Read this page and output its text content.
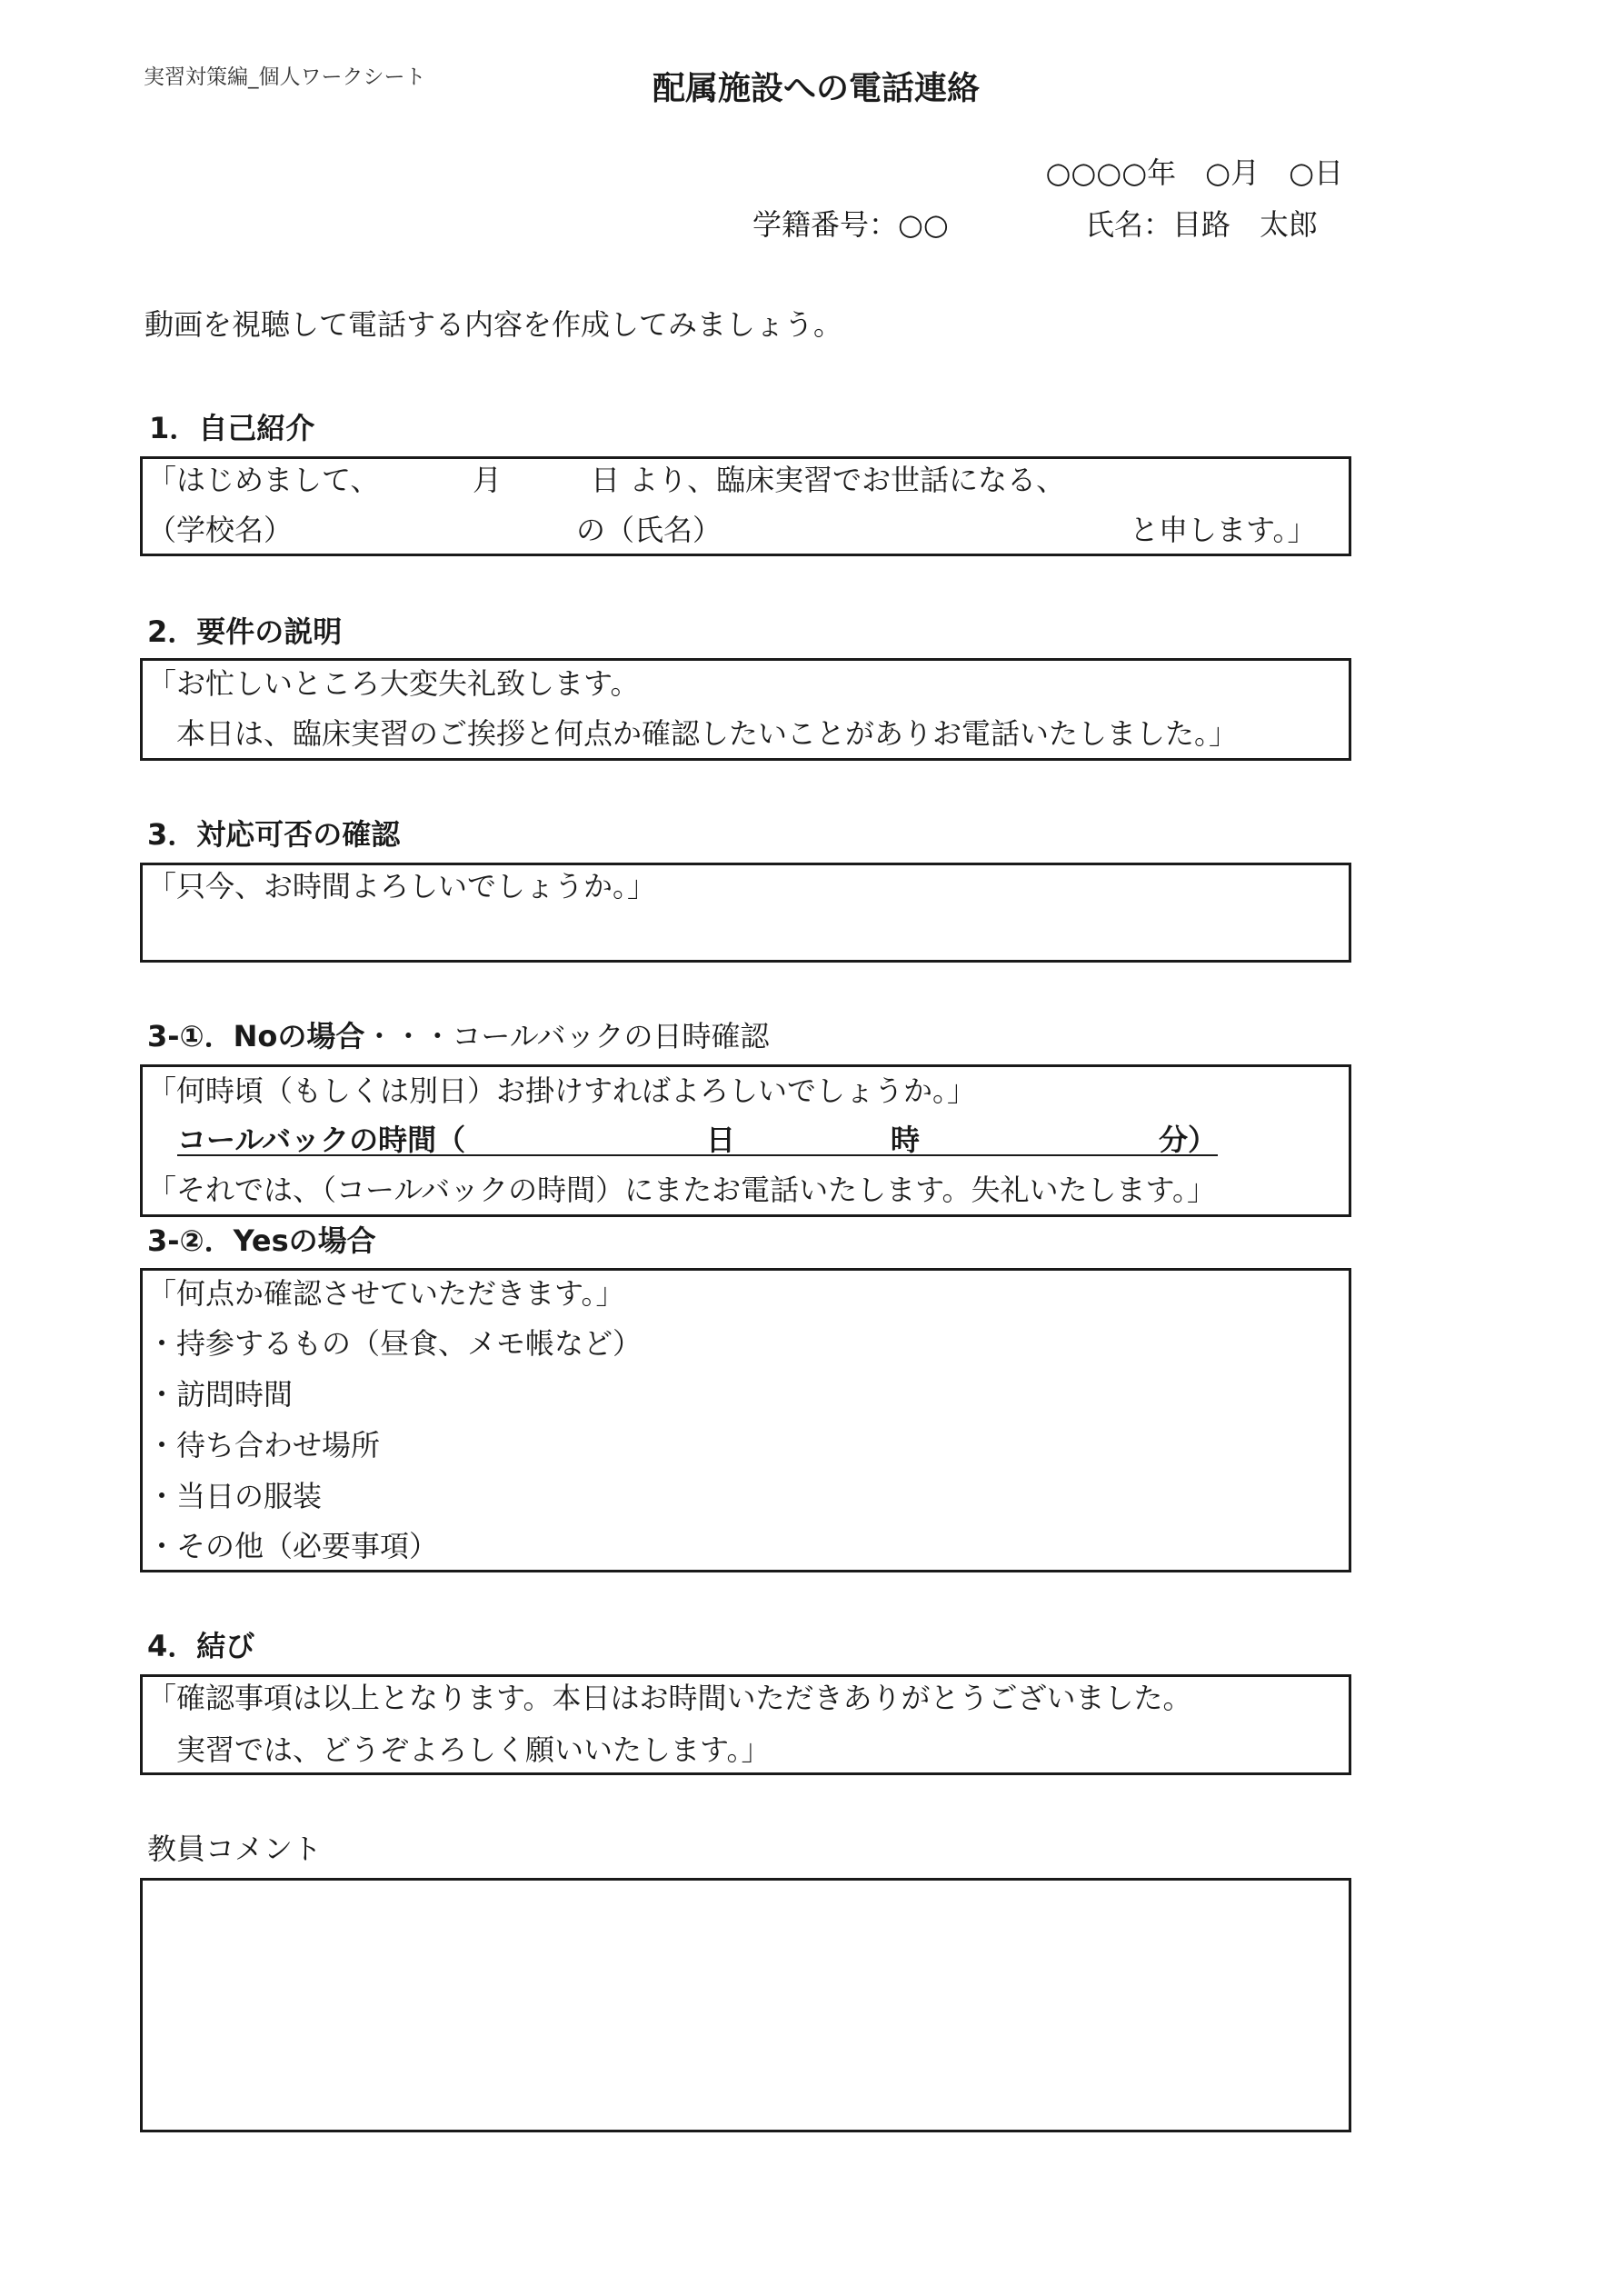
実習対策編_個人ワークシート	配属施設への電話連絡
○○○○年　○月　○日
学籍番号：○○	氏名：目路　太郎
動画を視聴して電話する内容を作成してみましょう。
1．自己紹介
「はじめまして、	月	日 より、臨床実習でお世話になる、
（学校名）	の（氏名）	と申します。」
2．要件の説明
「お忙しいところ大変失礼致します。
　本日は、臨床実習のご挨拶と何点か確認したいことがありお電話いたしました。」
3．対応可否の確認
「只今、お時間よろしいでしょうか。」
3-①．Noの場合・・・コールバックの日時確認
「何時頃（もしくは別日）お掛けすればよろしいでしょうか。」
コールバックの時間（	日	時	分）
「それでは、（コールバックの時間）にまたお電話いたします。失礼いたします。」
3-②．Yesの場合
「何点か確認させていただきます。」
・持参するもの（昼食、メモ帳など）
・訪問時間
・待ち合わせ場所
・当日の服装
・その他（必要事項）
4．結び
「確認事項は以上となります。本日はお時間いただきありがとうございました。
　実習では、どうぞよろしく願いいたします。」
教員コメント
